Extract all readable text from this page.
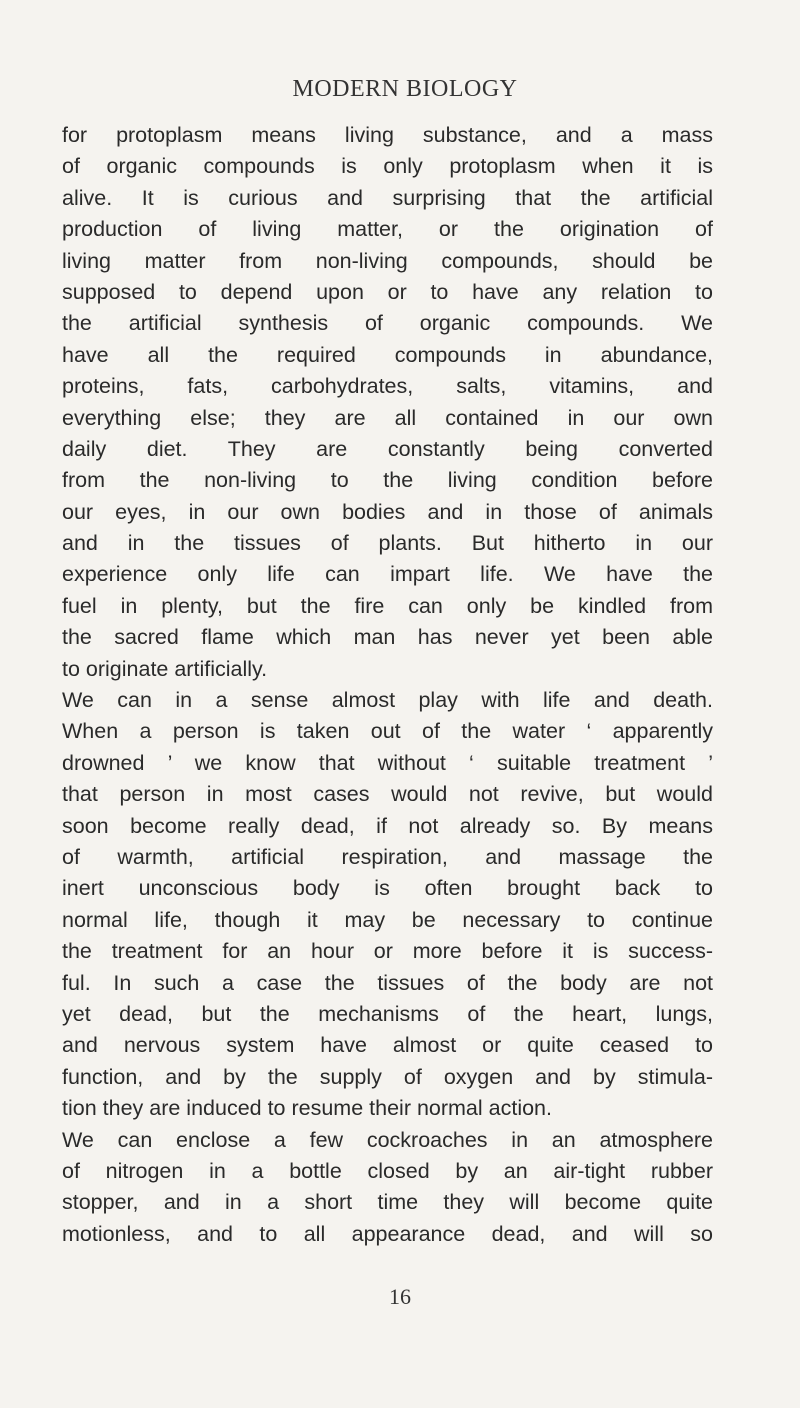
MODERN BIOLOGY
for protoplasm means living substance, and a mass
of organic compounds is only protoplasm when it is
alive. It is curious and surprising that the artificial
production of living matter, or the origination of
living matter from non-living compounds, should be
supposed to depend upon or to have any relation to
the artificial synthesis of organic compounds. We
have all the required compounds in abundance,
proteins, fats, carbohydrates, salts, vitamins, and
everything else; they are all contained in our own
daily diet. They are constantly being converted
from the non-living to the living condition before
our eyes, in our own bodies and in those of animals
and in the tissues of plants. But hitherto in our
experience only life can impart life. We have the
fuel in plenty, but the fire can only be kindled from
the sacred flame which man has never yet been able
to originate artificially.
We can in a sense almost play with life and death.
When a person is taken out of the water ‘ apparently
drowned ’ we know that without ‘ suitable treatment ’
that person in most cases would not revive, but would
soon become really dead, if not already so. By means
of warmth, artificial respiration, and massage the
inert unconscious body is often brought back to
normal life, though it may be necessary to continue
the treatment for an hour or more before it is success-
ful. In such a case the tissues of the body are not
yet dead, but the mechanisms of the heart, lungs,
and nervous system have almost or quite ceased to
function, and by the supply of oxygen and by stimula-
tion they are induced to resume their normal action.
We can enclose a few cockroaches in an atmosphere
of nitrogen in a bottle closed by an air-tight rubber
stopper, and in a short time they will become quite
motionless, and to all appearance dead, and will so
16
